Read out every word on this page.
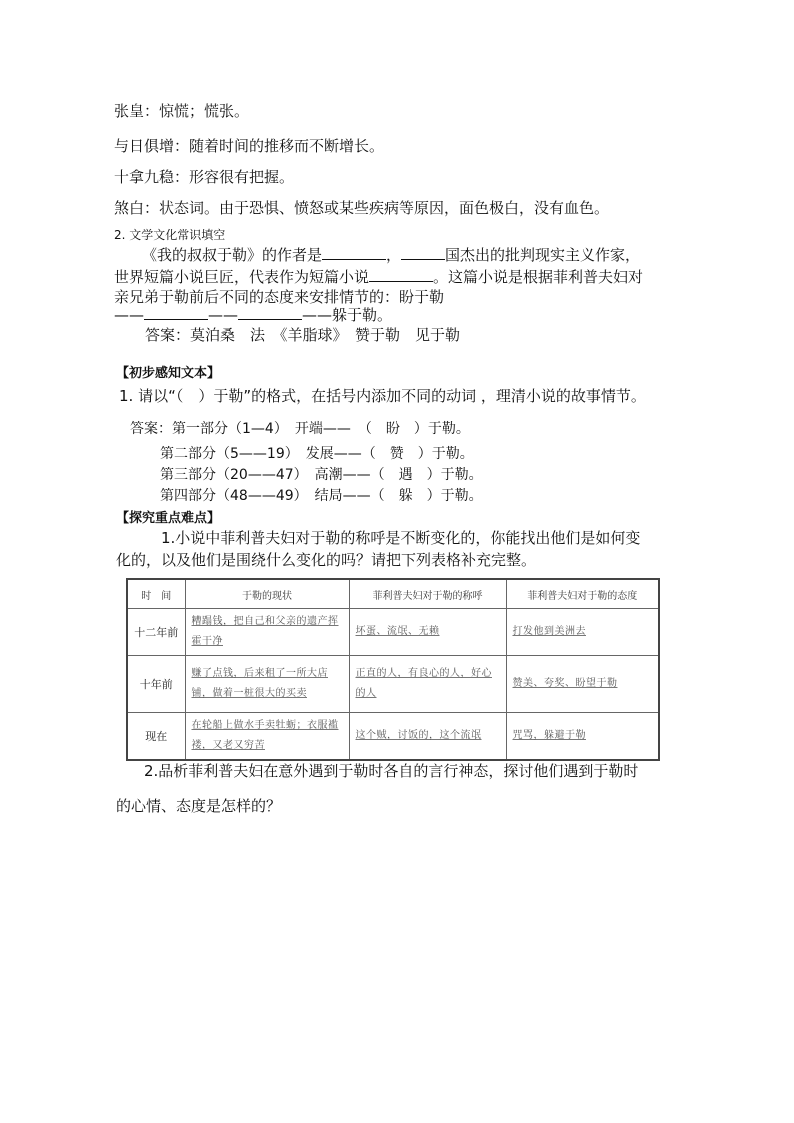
张皇：惊慌；慌张。
与日俱增：随着时间的推移而不断增长。
十拿九稳：形容很有把握。
煞白：状态词。由于恐惧、愤怒或某些疾病等原因，面色极白，没有血色。
2. 文学文化常识填空
《我的叔叔于勒》的作者是	，	国杰出的批判现实主义作家，
世界短篇小说巨匠，代表作为短篇小说	。这篇小说是根据菲利普夫妇对
亲兄弟于勒前后不同的态度来安排情节的：盼于勒
——	——	——躲于勒。
答案：莫泊桑　法　《羊脂球》　赞于勒　见于勒
【初步感知文本】
1. 请以“（　）于勒”的格式，在括号内添加不同的动词 ，理清小说的故事情节。
答案：第一部分（1—4）　开端——　（　盼　）于勒。
第二部分（5——19）　发展——（　赞　）于勒。
第三部分（20——47）　高潮——（　遇　）于勒。
第四部分（48——49）　结局——（　躲　）于勒。
【探究重点难点】
1.小说中菲利普夫妇对于勒的称呼是不断变化的，你能找出他们是如何变
化的，以及他们是围绕什么变化的吗？请把下列表格补充完整。
时　间	于勒的现状	菲利普夫妇对于勒的称呼	菲利普夫妇对于勒的态度
十二年前	糟蹋钱，把自己和父亲的遗产挥霍干净	坏蛋、流氓、无赖	打发他到美洲去
十年前	赚了点钱，后来租了一所大店铺，做着一桩很大的买卖	正直的人，有良心的人，好心的人	赞美、夸奖、盼望于勒
现在	在轮船上做水手卖牡蛎；衣服褴褛，又老又穷苦	这个贼，讨饭的，这个流氓	咒骂，躲避于勒
2.品析菲利普夫妇在意外遇到于勒时各自的言行神态，探讨他们遇到于勒时
的心情、态度是怎样的？
